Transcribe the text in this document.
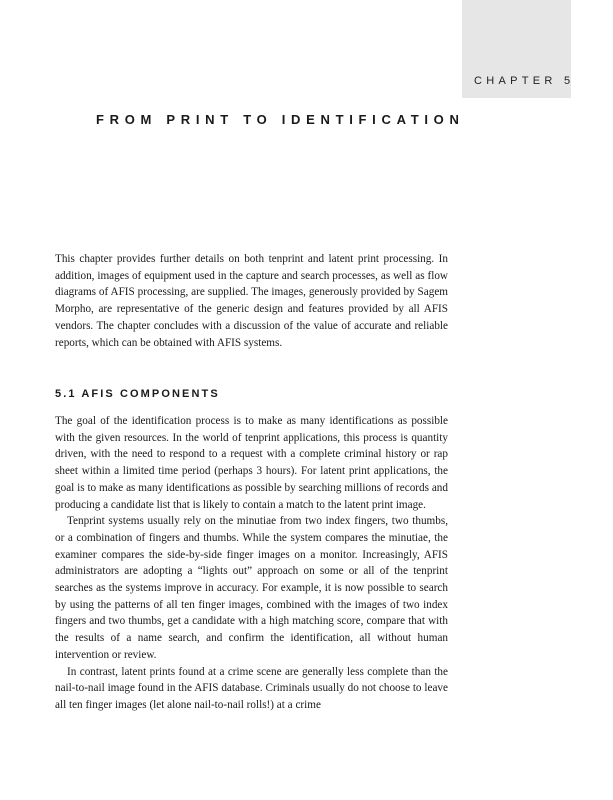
CHAPTER 5
FROM PRINT TO IDENTIFICATION

This chapter provides further details on both tenprint and latent print processing. In addition, images of equipment used in the capture and search processes, as well as flow diagrams of AFIS processing, are supplied. The images, generously provided by Sagem Morpho, are representative of the generic design and features provided by all AFIS vendors. The chapter concludes with a discussion of the value of accurate and reliable reports, which can be obtained with AFIS systems.

5.1 AFIS COMPONENTS

The goal of the identification process is to make as many identifications as possible with the given resources. In the world of tenprint applications, this process is quantity driven, with the need to respond to a request with a complete criminal history or rap sheet within a limited time period (perhaps 3 hours). For latent print applications, the goal is to make as many identifications as possible by searching millions of records and producing a candidate list that is likely to contain a match to the latent print image.

Tenprint systems usually rely on the minutiae from two index fingers, two thumbs, or a combination of fingers and thumbs. While the system compares the minutiae, the examiner compares the side-by-side finger images on a monitor. Increasingly, AFIS administrators are adopting a “lights out” approach on some or all of the tenprint searches as the systems improve in accuracy. For example, it is now possible to search by using the patterns of all ten finger images, combined with the images of two index fingers and two thumbs, get a candidate with a high matching score, compare that with the results of a name search, and confirm the identification, all without human intervention or review.

In contrast, latent prints found at a crime scene are generally less complete than the nail-to-nail image found in the AFIS database. Criminals usually do not choose to leave all ten finger images (let alone nail-to-nail rolls!) at a crime
